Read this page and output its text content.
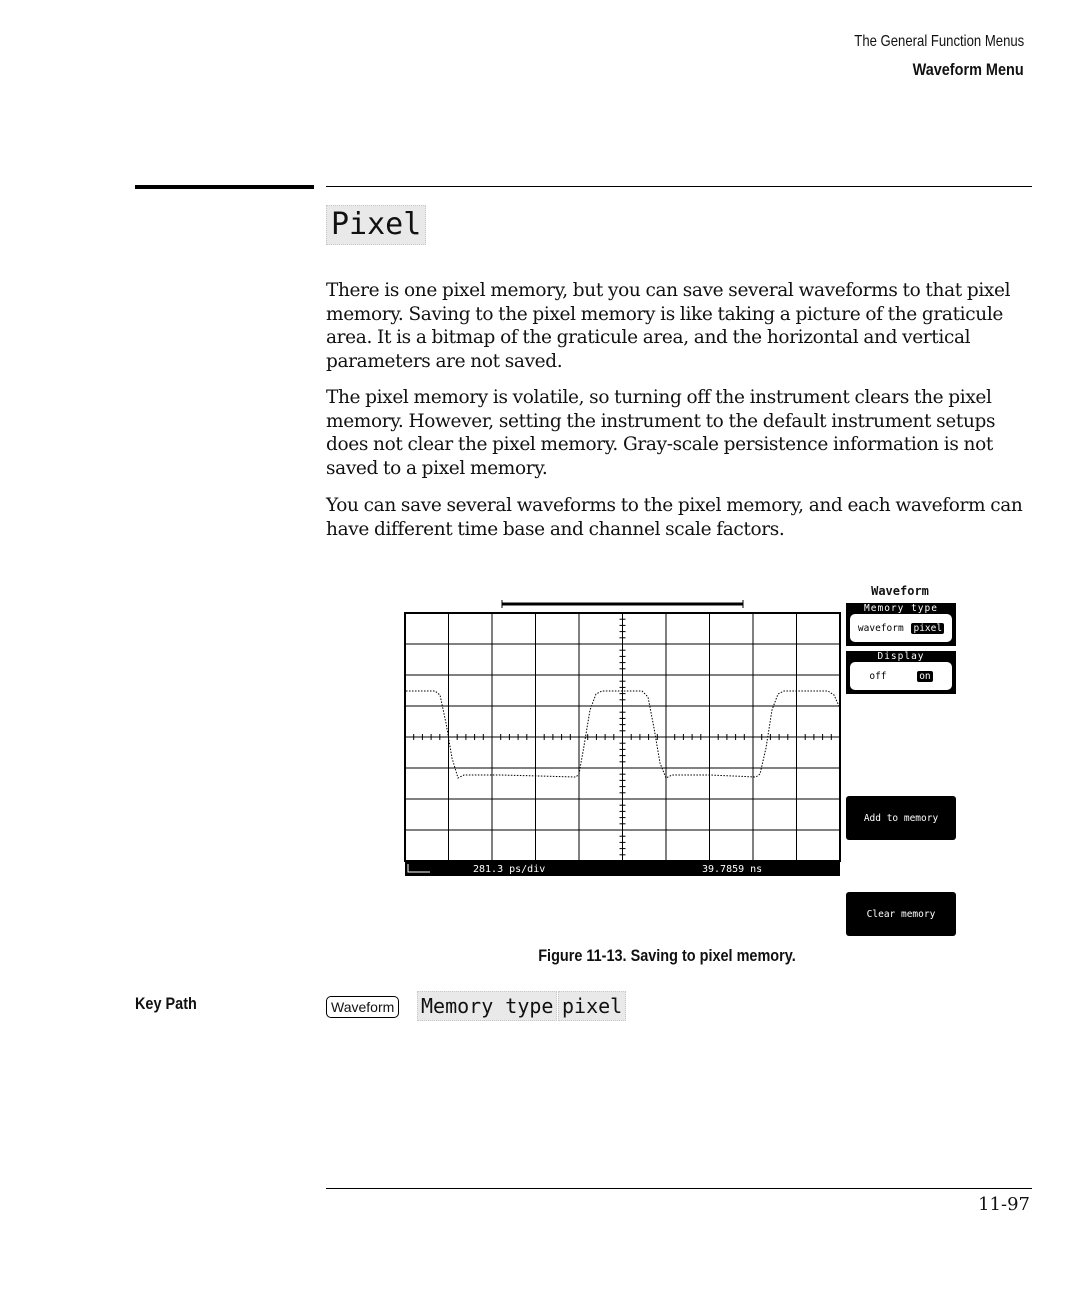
The General Function Menus
Waveform Menu
Pixel
There is one pixel memory, but you can save several waveforms to that pixel memory. Saving to the pixel memory is like taking a picture of the graticule area. It is a bitmap of the graticule area, and the horizontal and vertical parameters are not saved.
The pixel memory is volatile, so turning off the instrument clears the pixel memory. However, setting the instrument to the default instrument setups does not clear the pixel memory. Gray-scale persistence information is not saved to a pixel memory.
You can save several waveforms to the pixel memory, and each waveform can have different time base and channel scale factors.
281.3 ps/div	39.7859 ns
Waveform
Memory type
waveform pixel
Display
off	on
Add to memory
Clear memory
Figure 11-13. Saving to pixel memory.
Key Path	Waveform Memory type pixel
11-97
